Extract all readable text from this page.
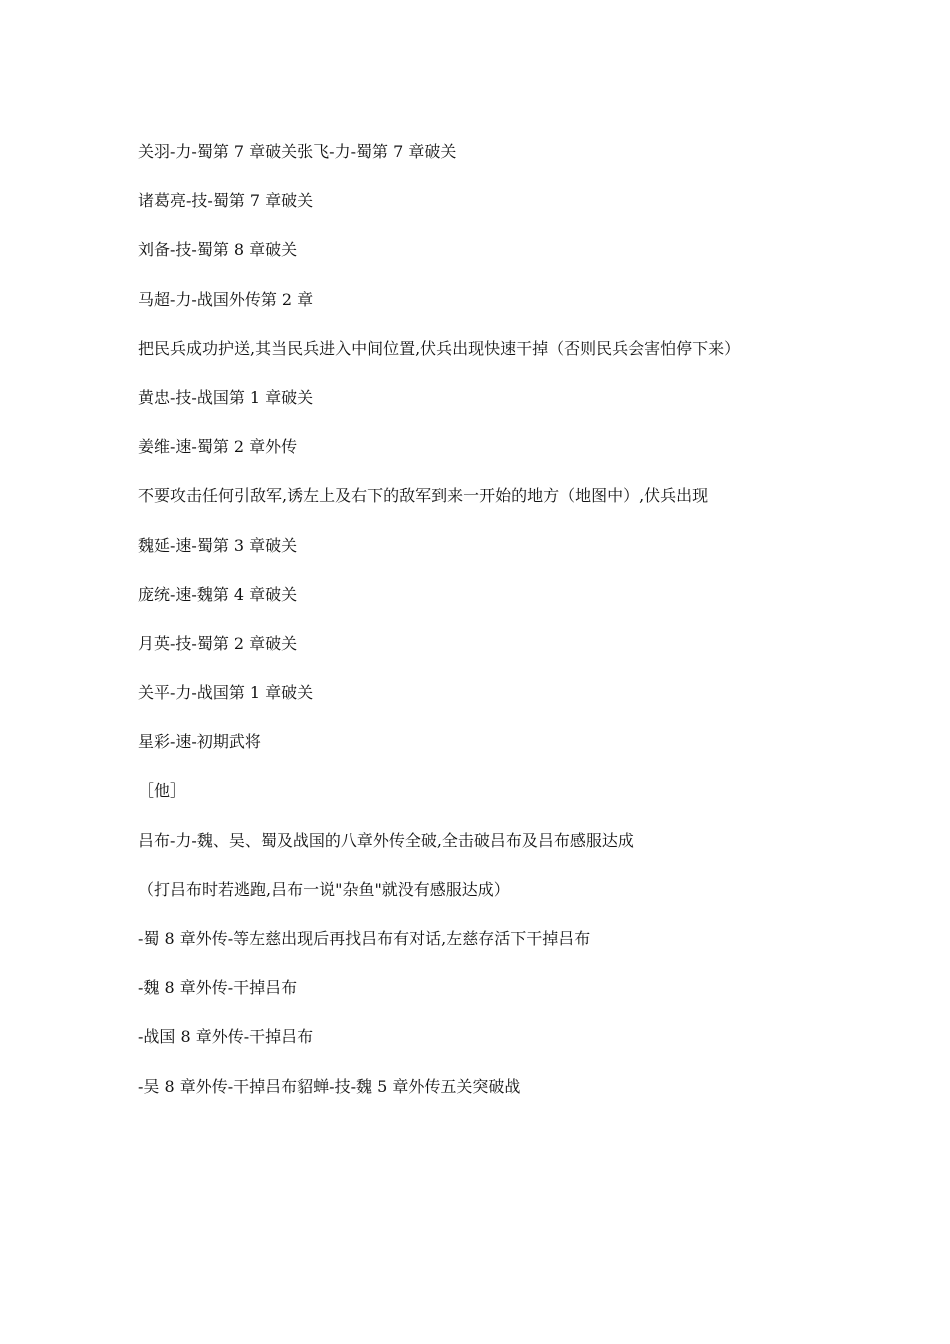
关羽-力-蜀第 7 章破关张飞-力-蜀第 7 章破关
诸葛亮-技-蜀第 7 章破关
刘备-技-蜀第 8 章破关
马超-力-战国外传第 2 章
把民兵成功护送,其当民兵进入中间位置,伏兵出现快速干掉（否则民兵会害怕停下来）
黄忠-技-战国第 1 章破关
姜维-速-蜀第 2 章外传
不要攻击任何引敌军,诱左上及右下的敌军到来一开始的地方（地图中）,伏兵出现
魏延-速-蜀第 3 章破关
庞统-速-魏第 4 章破关
月英-技-蜀第 2 章破关
关平-力-战国第 1 章破关
星彩-速-初期武将
［他］
吕布-力-魏、吴、蜀及战国的八章外传全破,全击破吕布及吕布感服达成
（打吕布时若逃跑,吕布一说"杂鱼"就没有感服达成）
-蜀 8 章外传-等左慈出现后再找吕布有对话,左慈存活下干掉吕布
-魏 8 章外传-干掉吕布
-战国 8 章外传-干掉吕布
-吴 8 章外传-干掉吕布貂蝉-技-魏 5 章外传五关突破战
